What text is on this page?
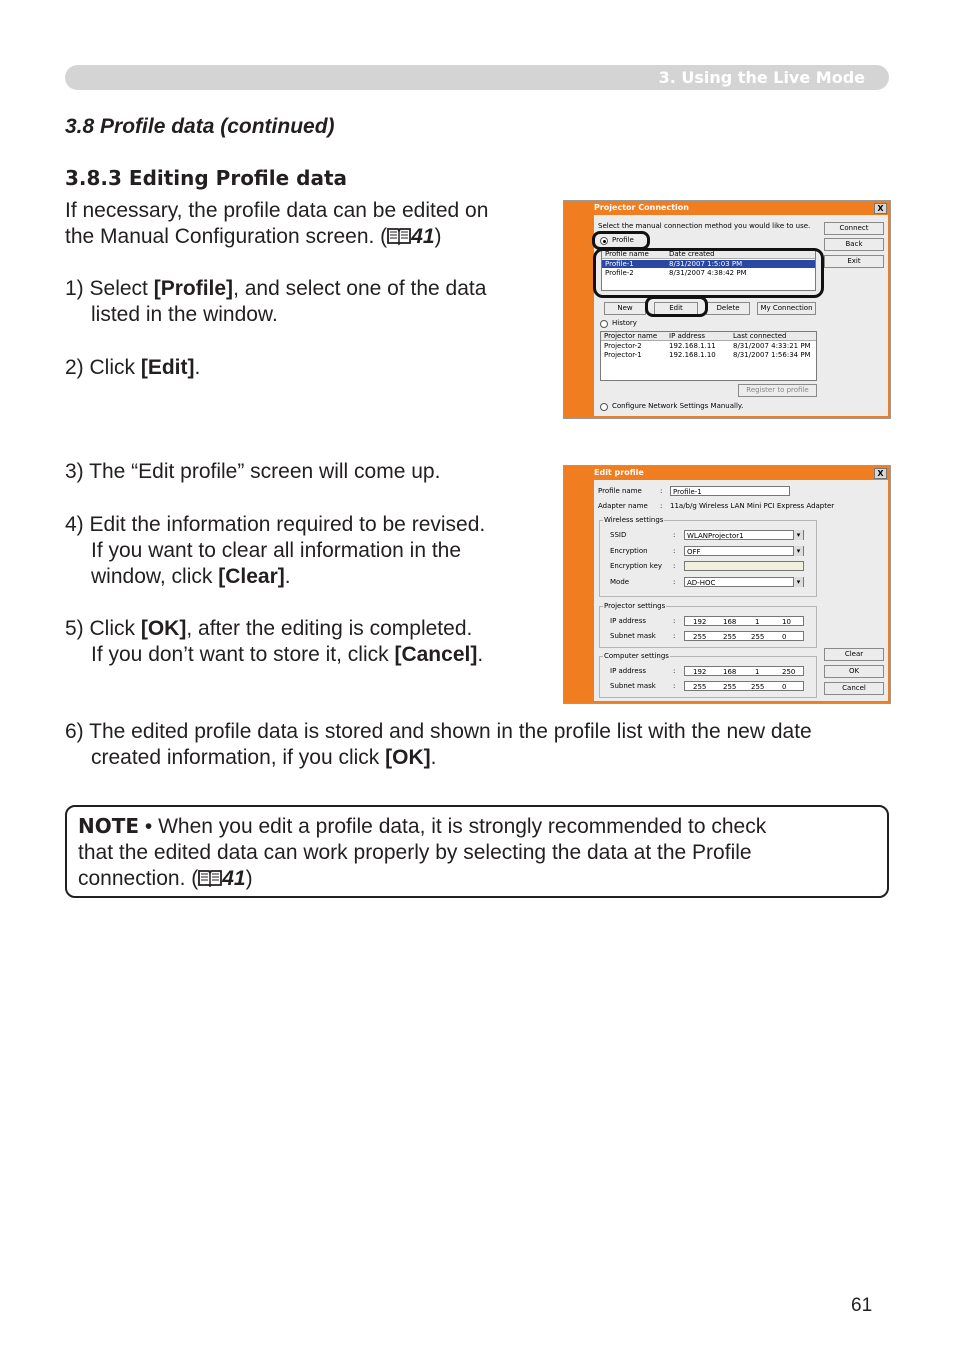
3. Using the Live Mode
3.8 Profile data (continued)
3.8.3 Editing Profile data
If necessary, the profile data can be edited on
the Manual Configuration screen. ( 41)
1) Select [Profile], and select one of the data
listed in the window.
2) Click [Edit].
3) The “Edit profile” screen will come up.
4) Edit the information required to be revised.
If you want to clear all information in the
window, click [Clear].
5) Click [OK], after the editing is completed.
If you don’t want to store it, click [Cancel].
6) The edited profile data is stored and shown in the profile list with the new date
created information, if you click [OK].
Projector Connection	X
Select the manual connection method you would like to use.
Profile
Profile name	Date created
Profile-1	8/31/2007 1:5:03 PM
Profile-2	8/31/2007 4:38:42 PM
Connect
Back
Exit
New	Edit	Delete	My Connection
History
Projector name IP address	Last connected
Projector-2	192.168.1.11 8/31/2007 4:33:21 PM
Projector-1	192.168.1.10 8/31/2007 1:56:34 PM
Register to profile
Configure Network Settings Manually.
Edit profile	X
Profile name	:	Profile-1
Adapter name : 11a/b/g Wireless LAN Mini PCI Express Adapter
Wireless settings
SSID	:	WLANProjector1 ▾
Encryption	:	OFF ▾
Encryption key :
Mode	:	AD-HOC ▾
Projector settings
IP address	:	192 168	1	10
Subnet mask :	255 255 255	0
Computer settings
IP address	:	192 168	1	250
Subnet mask :	255 255 255	0
Clear
OK
Cancel
NOTE • When you edit a profile data, it is strongly recommended to check
that the edited data can work properly by selecting the data at the Profile
connection. ( 41)
61
